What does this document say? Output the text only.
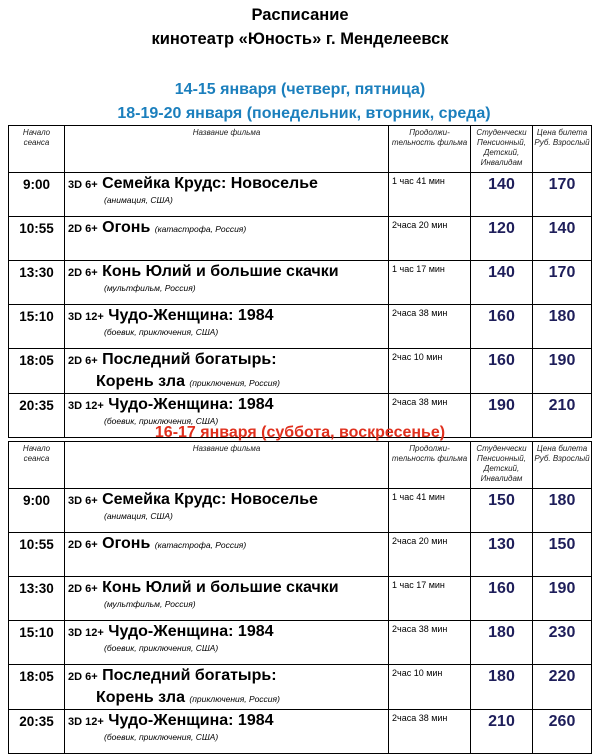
Расписание
кинотеатр «Юность» г. Менделеевск
14-15 января (четверг, пятница)
18-19-20 января (понедельник, вторник, среда)
Начало сеанса	Название фильма	Продолжи-тельность фильма	Студенчески Пенсионный, Детский, Инвалидам	Цена билета Руб. Взрослый
9:00	3D 6+ Семейка Крудс: Новоселье
(анимация, США)	1 час 41 мин	140	170
10:55	2D 6+ Огонь (катастрофа, Россия)	2часа 20 мин	120	140
13:30	2D 6+ Конь Юлий и большие скачки
(мультфильм, Россия)	1 час 17 мин	140	170
15:10	3D 12+ Чудо-Женщина: 1984
(боевик, приключения, США)	2часа 38 мин	160	180
18:05	2D 6+ Последний богатырь:
Корень зла (приключения, Россия)	2час 10 мин	160	190
20:35	3D 12+ Чудо-Женщина: 1984
(боевик, приключения, США)	2часа 38 мин	190	210
16-17 января (суббота, воскресенье)
Начало сеанса	Название фильма	Продолжи-тельность фильма	Студенчески Пенсионный, Детский, Инвалидам	Цена билета Руб. Взрослый
9:00	3D 6+ Семейка Крудс: Новоселье
(анимация, США)	1 час 41 мин	150	180
10:55	2D 6+ Огонь (катастрофа, Россия)	2часа 20 мин	130	150
13:30	2D 6+ Конь Юлий и большие скачки
(мультфильм, Россия)	1 час 17 мин	160	190
15:10	3D 12+ Чудо-Женщина: 1984
(боевик, приключения, США)	2часа 38 мин	180	230
18:05	2D 6+ Последний богатырь:
Корень зла (приключения, Россия)	2час 10 мин	180	220
20:35	3D 12+ Чудо-Женщина: 1984
(боевик, приключения, США)	2часа 38 мин	210	260
